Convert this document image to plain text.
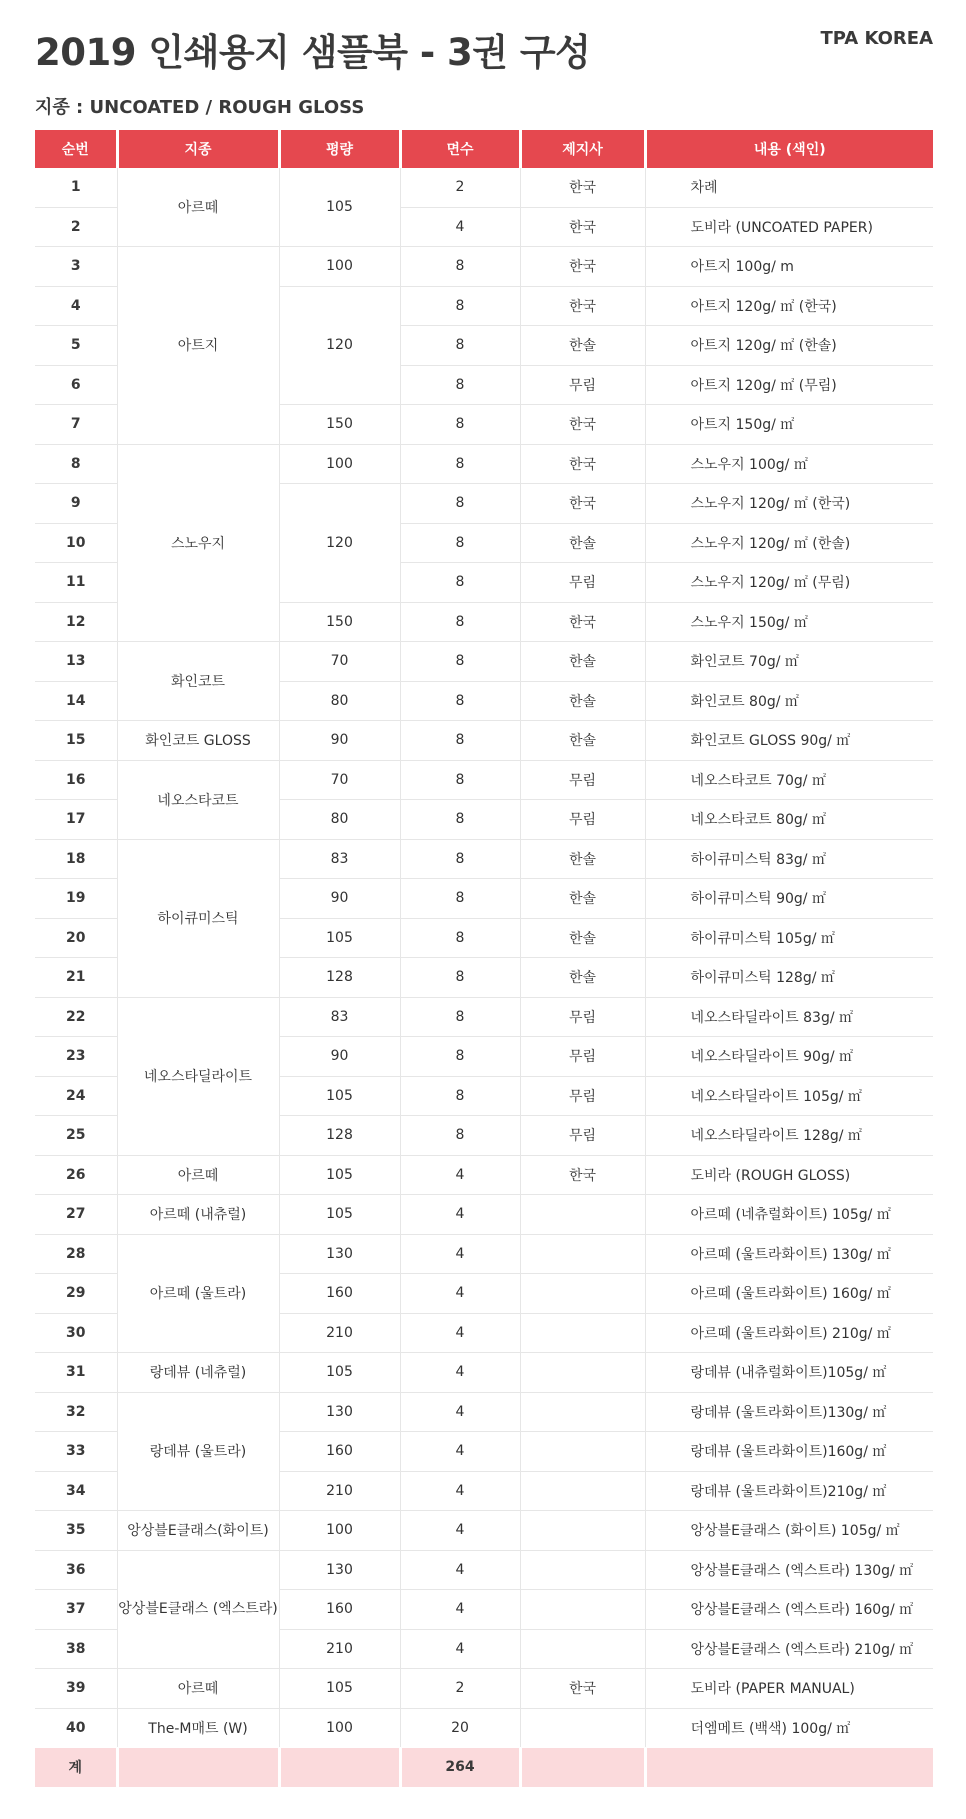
2019 인쇄용지 샘플북 - 3권 구성	TPA KOREA
지종 : UNCOATED / ROUGH GLOSS
순번	지종	평량	면수	제지사	내용 (색인)
1	아르떼	105	2	한국	차례
2			4	한국	도비라 (UNCOATED PAPER)
3	아트지	100	8	한국	아트지 100g/ m
4		120	8	한국	아트지 120g/ ㎡ (한국)
5			8	한솔	아트지 120g/ ㎡ (한솔)
6			8	무림	아트지 120g/ ㎡ (무림)
7		150	8	한국	아트지 150g/ ㎡
8	스노우지	100	8	한국	스노우지 100g/ ㎡
9		120	8	한국	스노우지 120g/ ㎡ (한국)
10			8	한솔	스노우지 120g/ ㎡ (한솔)
11			8	무림	스노우지 120g/ ㎡ (무림)
12		150	8	한국	스노우지 150g/ ㎡
13	화인코트	70	8	한솔	화인코트 70g/ ㎡
14		80	8	한솔	화인코트 80g/ ㎡
15	화인코트 GLOSS	90	8	한솔	화인코트 GLOSS 90g/ ㎡
16	네오스타코트	70	8	무림	네오스타코트 70g/ ㎡
17		80	8	무림	네오스타코트 80g/ ㎡
18	하이큐미스틱	83	8	한솔	하이큐미스틱 83g/ ㎡
19		90	8	한솔	하이큐미스틱 90g/ ㎡
20		105	8	한솔	하이큐미스틱 105g/ ㎡
21		128	8	한솔	하이큐미스틱 128g/ ㎡
22	네오스타딜라이트	83	8	무림	네오스타딜라이트 83g/ ㎡
23		90	8	무림	네오스타딜라이트 90g/ ㎡
24		105	8	무림	네오스타딜라이트 105g/ ㎡
25		128	8	무림	네오스타딜라이트 128g/ ㎡
26	아르떼	105	4	한국	도비라 (ROUGH GLOSS)
27	아르떼 (내츄럴)	105	4		아르떼 (네츄럴화이트) 105g/ ㎡
28	아르떼 (울트라)	130	4		아르떼 (울트라화이트) 130g/ ㎡
29		160	4		아르떼 (울트라화이트) 160g/ ㎡
30		210	4		아르떼 (울트라화이트) 210g/ ㎡
31	랑데뷰 (네츄럴)	105	4		랑데뷰 (내츄럴화이트)105g/ ㎡
32	랑데뷰 (울트라)	130	4		랑데뷰 (울트라화이트)130g/ ㎡
33		160	4		랑데뷰 (울트라화이트)160g/ ㎡
34		210	4		랑데뷰 (울트라화이트)210g/ ㎡
35	앙상블E클래스(화이트)	100	4		앙상블E클래스 (화이트) 105g/ ㎡
36	앙상블E클래스 (엑스트라)	130	4		앙상블E클래스 (엑스트라) 130g/ ㎡
37		160	4		앙상블E클래스 (엑스트라) 160g/ ㎡
38		210	4		앙상블E클래스 (엑스트라) 210g/ ㎡
39	아르떼	105	2	한국	도비라 (PAPER MANUAL)
40	The-M매트 (W)	100	20		더엠메트 (백색) 100g/ ㎡
계			264		
